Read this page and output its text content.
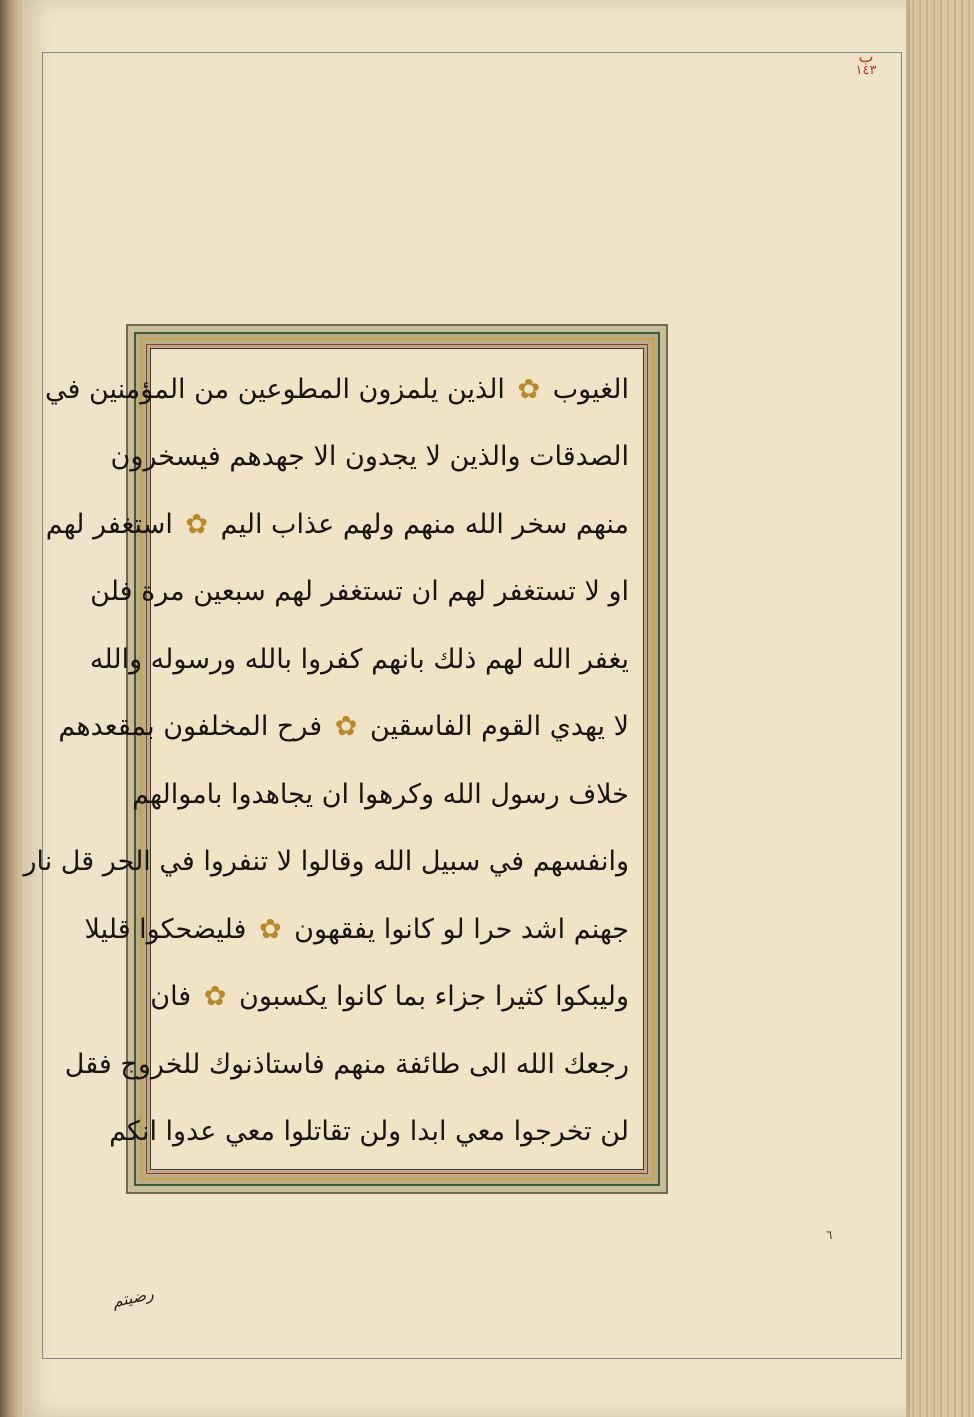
ب
١٤٣
الغيوب ✿ الذين يلمزون المطوعين من المؤمنين في
الصدقات والذين لا يجدون الا جهدهم فيسخرون
منهم سخر الله منهم ولهم عذاب اليم ✿ استغفر لهم
او لا تستغفر لهم ان تستغفر لهم سبعين مرة فلن
يغفر الله لهم ذلك بانهم كفروا بالله ورسوله والله
لا يهدي القوم الفاسقين ✿ فرح المخلفون بمقعدهم
خلاف رسول الله وكرهوا ان يجاهدوا باموالهم
وانفسهم في سبيل الله وقالوا لا تنفروا في الحر قل نار
جهنم اشد حرا لو كانوا يفقهون ✿ فليضحكوا قليلا
وليبكوا كثيرا جزاء بما كانوا يكسبون ✿ فان
رجعك الله الى طائفة منهم فاستاذنوك للخروج فقل
لن تخرجوا معي ابدا ولن تقاتلوا معي عدوا انكم
رضيتم
٦
